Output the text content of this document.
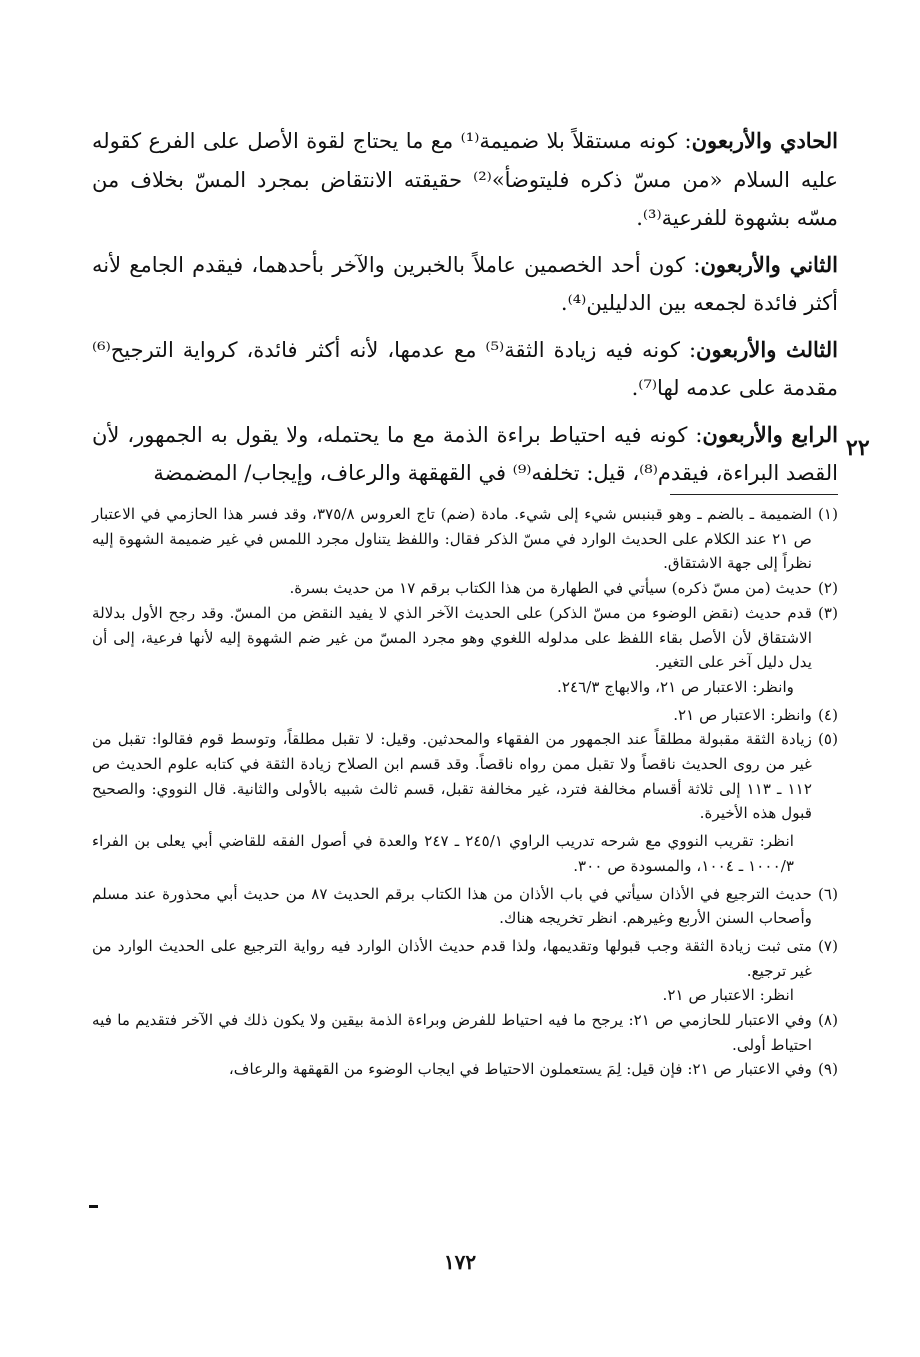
الحادي والأربعون: كونه مستقلاً بلا ضميمة⁽¹⁾ مع ما يحتاج لقوة الأصل على الفرع كقوله عليه السلام «من مسّ ذكره فليتوضأ»⁽²⁾ حقيقته الانتقاض بمجرد المسّ بخلاف من مسّه بشهوة للفرعية⁽³⁾.

الثاني والأربعون: كون أحد الخصمين عاملاً بالخبرين والآخر بأحدهما، فيقدم الجامع لأنه أكثر فائدة لجمعه بين الدليلين⁽⁴⁾.

الثالث والأربعون: كونه فيه زيادة الثقة⁽⁵⁾ مع عدمها، لأنه أكثر فائدة، كرواية الترجيح⁽⁶⁾ مقدمة على عدمه لها⁽⁷⁾.

الرابع والأربعون: كونه فيه احتياط براءة الذمة مع ما يحتمله، ولا يقول به الجمهور، لأن القصد البراءة، فيقدم⁽⁸⁾، قيل: تخلفه⁽⁹⁾ في القهقهة والرعاف، وإيجاب/ المضمضة

٢٢
(١)
الضميمة ـ بالضم ـ وهو قبنبس شيء إلى شيء. مادة (ضم) تاج العروس ٣٧٥/٨، وقد فسر هذا الحازمي في الاعتبار ص ٢١ عند الكلام على الحديث الوارد في مسّ الذكر فقال: واللفظ يتناول مجرد اللمس في غير ضميمة الشهوة إليه نظراً إلى جهة الاشتقاق.
(٢)
حديث (من مسّ ذكره) سيأتي في الطهارة من هذا الكتاب برقم ١٧ من حديث بسرة.
(٣)
قدم حديث (نقض الوضوء من مسّ الذكر) على الحديث الآخر الذي لا يفيد النقض من المسّ. وقد رجح الأول بدلالة الاشتقاق لأن الأصل بقاء اللفظ على مدلوله اللغوي وهو مجرد المسّ من غير ضم الشهوة إليه لأنها فرعية، إلى أن يدل دليل آخر على التغير.
وانظر: الاعتبار ص ٢١، والابهاج ٢٤٦/٣.
(٤)
وانظر: الاعتبار ص ٢١.
(٥)
زيادة الثقة مقبولة مطلقاً عند الجمهور من الفقهاء والمحدثين. وقيل: لا تقبل مطلقاً، وتوسط قوم فقالوا: تقبل من غير من روى الحديث ناقصاً ولا تقبل ممن رواه ناقصاً. وقد قسم ابن الصلاح زيادة الثقة في كتابه علوم الحديث ص ١١٢ ـ ١١٣ إلى ثلاثة أقسام مخالفة فترد، غير مخالفة تقبل، قسم ثالث شبيه بالأولى والثانية. قال النووي: والصحيح قبول هذه الأخيرة.
انظر: تقريب النووي مع شرحه تدريب الراوي ٢٤٥/١ ـ ٢٤٧ والعدة في أصول الفقه للقاضي أبي يعلى بن الفراء ١٠٠٠/٣ ـ ١٠٠٤، والمسودة ص ٣٠٠.
(٦)
حديث الترجيع في الأذان سيأتي في باب الأذان من هذا الكتاب برقم الحديث ٨٧ من حديث أبي محذورة عند مسلم وأصحاب السنن الأربع وغيرهم. انظر تخريجه هناك.
(٧)
متى ثبت زيادة الثقة وجب قبولها وتقديمها، ولذا قدم حديث الأذان الوارد فيه رواية الترجيع على الحديث الوارد من غير ترجيع.
انظر: الاعتبار ص ٢١.
(٨)
وفي الاعتبار للحازمي ص ٢١: يرجح ما فيه احتياط للفرض وبراءة الذمة بيقين ولا يكون ذلك في الآخر فتقديم ما فيه احتياط أولى.
(٩)
وفي الاعتبار ص ٢١: فإن قيل: لِمَ يستعملون الاحتياط في ايجاب الوضوء من القهقهة والرعاف،
١٧٢
